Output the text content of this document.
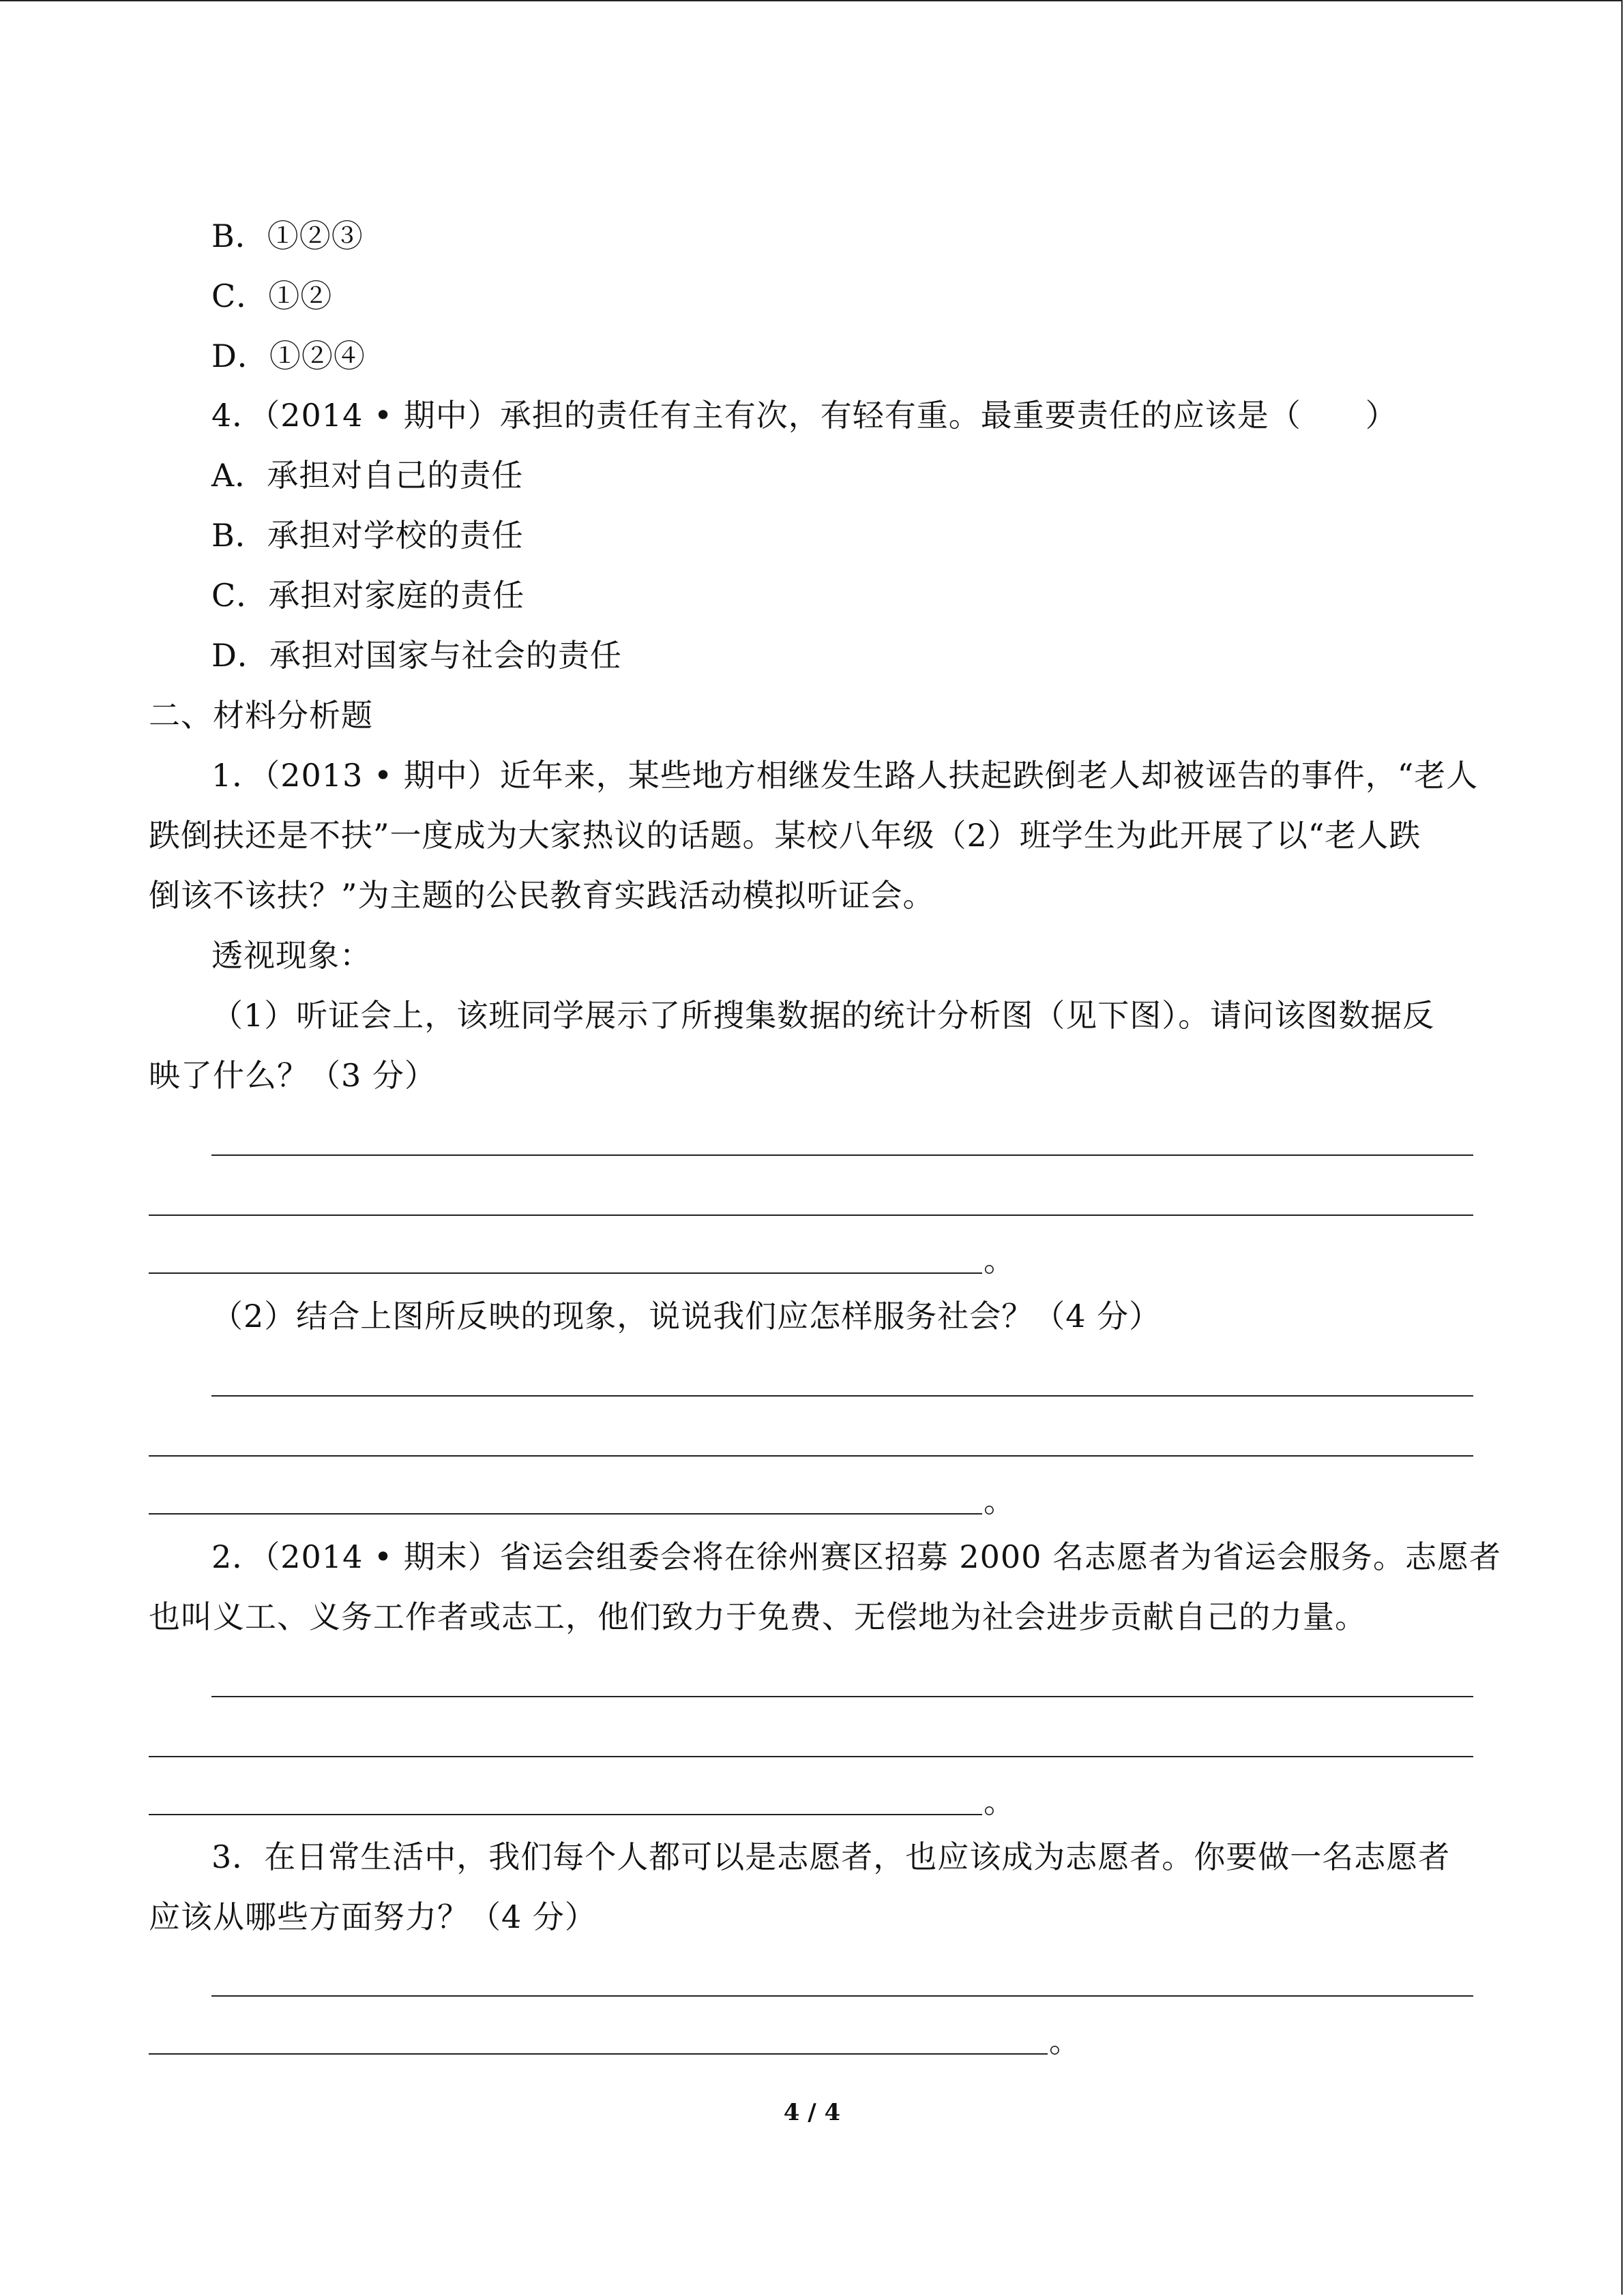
B．①②③
C．①②
D．①②④
4．（2014 • 期中）承担的责任有主有次，有轻有重。最重要责任的应该是（　　）
A．承担对自己的责任
B．承担对学校的责任
C．承担对家庭的责任
D．承担对国家与社会的责任
二、材料分析题
1．（2013 • 期中）近年来，某些地方相继发生路人扶起跌倒老人却被诬告的事件，“老人
跌倒扶还是不扶”一度成为大家热议的话题。某校八年级（2）班学生为此开展了以“老人跌
倒该不该扶？”为主题的公民教育实践活动模拟听证会。
透视现象：
（1）听证会上，该班同学展示了所搜集数据的统计分析图（见下图）。请问该图数据反
映了什么？（3 分）
。
（2）结合上图所反映的现象，说说我们应怎样服务社会？（4 分）
。
2．（2014 • 期末）省运会组委会将在徐州赛区招募 2000 名志愿者为省运会服务。志愿者
也叫义工、义务工作者或志工，他们致力于免费、无偿地为社会进步贡献自己的力量。
。
3．在日常生活中，我们每个人都可以是志愿者，也应该成为志愿者。你要做一名志愿者
应该从哪些方面努力？（4 分）
。
4 / 4
